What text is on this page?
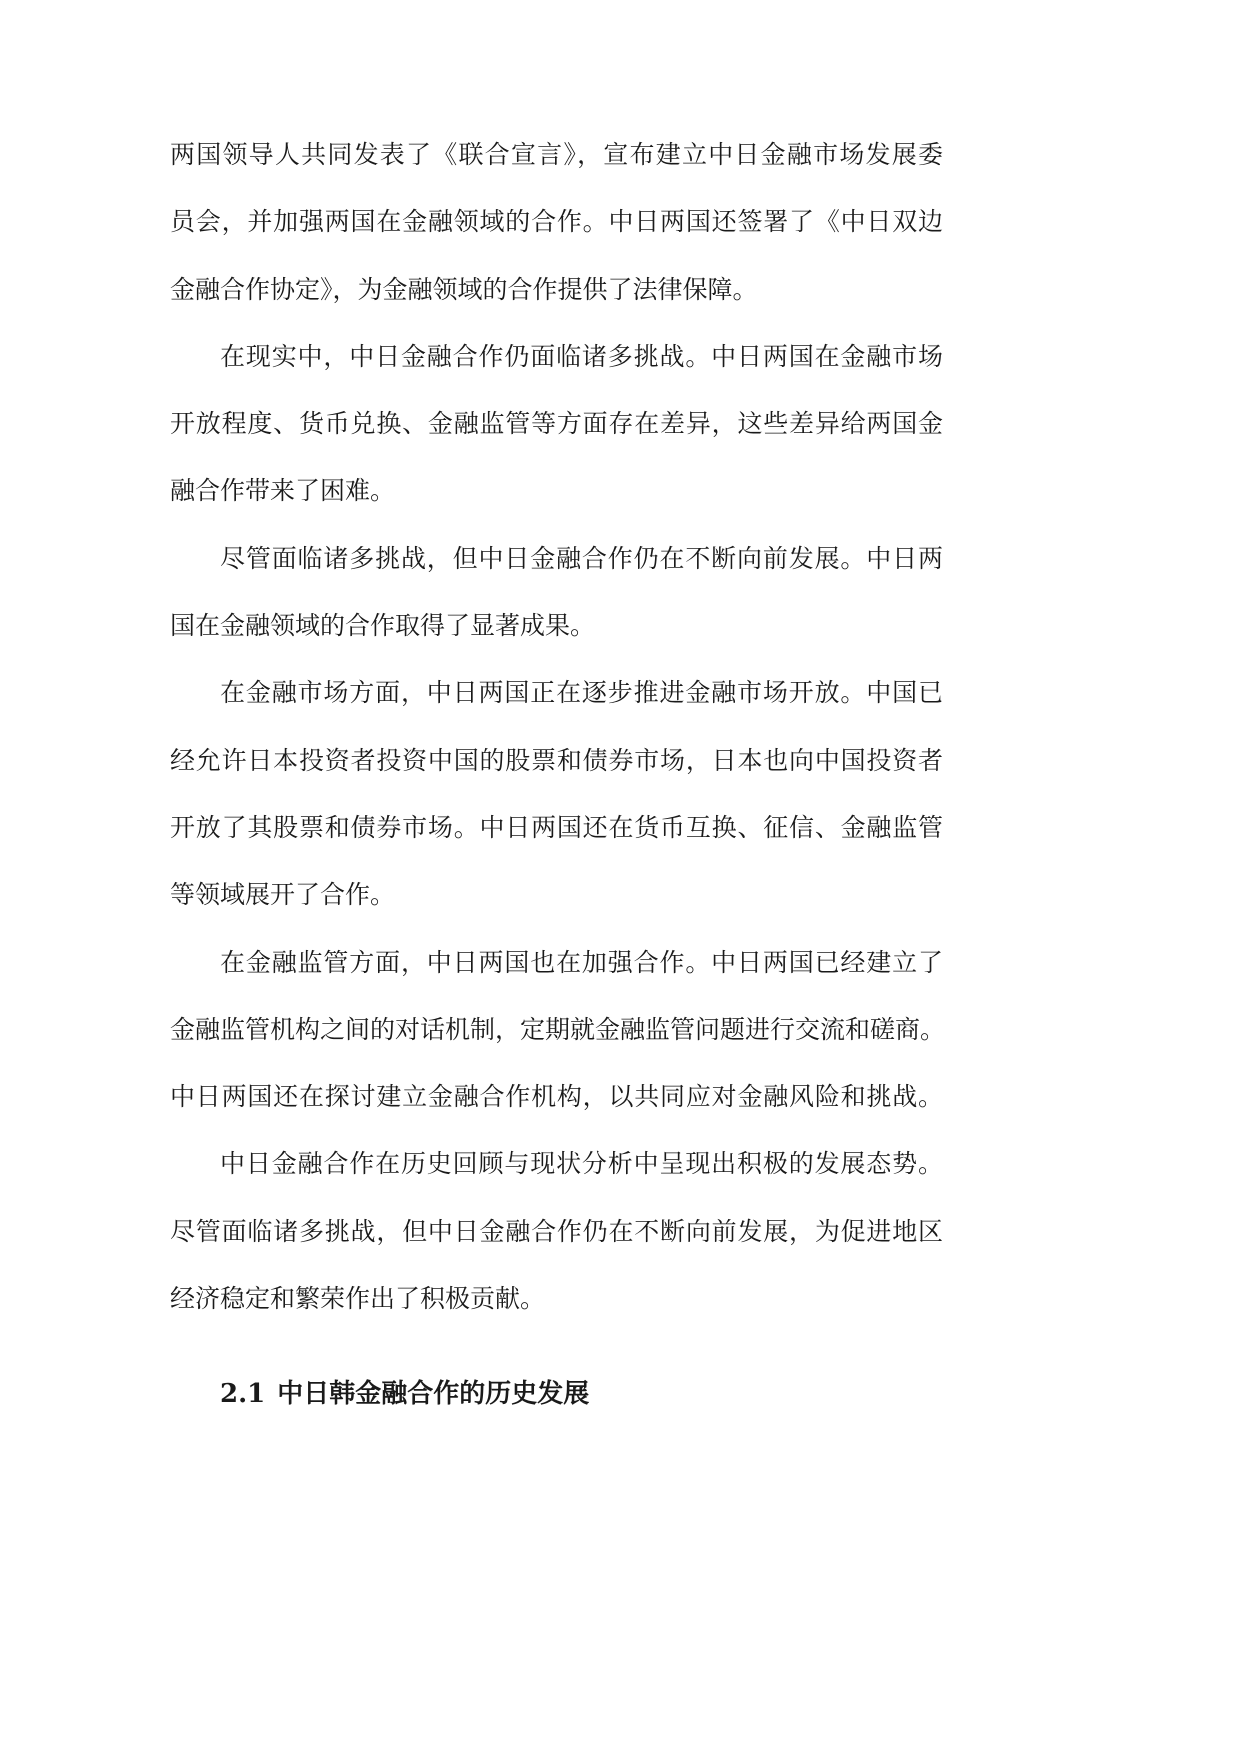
两国领导人共同发表了《联合宣言》，宣布建立中日金融市场发展委
员会，并加强两国在金融领域的合作。中日两国还签署了《中日双边
金融合作协定》，为金融领域的合作提供了法律保障。
在现实中，中日金融合作仍面临诸多挑战。中日两国在金融市场
开放程度、货币兑换、金融监管等方面存在差异，这些差异给两国金
融合作带来了困难。
尽管面临诸多挑战，但中日金融合作仍在不断向前发展。中日两
国在金融领域的合作取得了显著成果。
在金融市场方面，中日两国正在逐步推进金融市场开放。中国已
经允许日本投资者投资中国的股票和债券市场，日本也向中国投资者
开放了其股票和债券市场。中日两国还在货币互换、征信、金融监管
等领域展开了合作。
在金融监管方面，中日两国也在加强合作。中日两国已经建立了
金融监管机构之间的对话机制，定期就金融监管问题进行交流和磋商。
中日两国还在探讨建立金融合作机构，以共同应对金融风险和挑战。
中日金融合作在历史回顾与现状分析中呈现出积极的发展态势。
尽管面临诸多挑战，但中日金融合作仍在不断向前发展，为促进地区
经济稳定和繁荣作出了积极贡献。
2.1 中日韩金融合作的历史发展
